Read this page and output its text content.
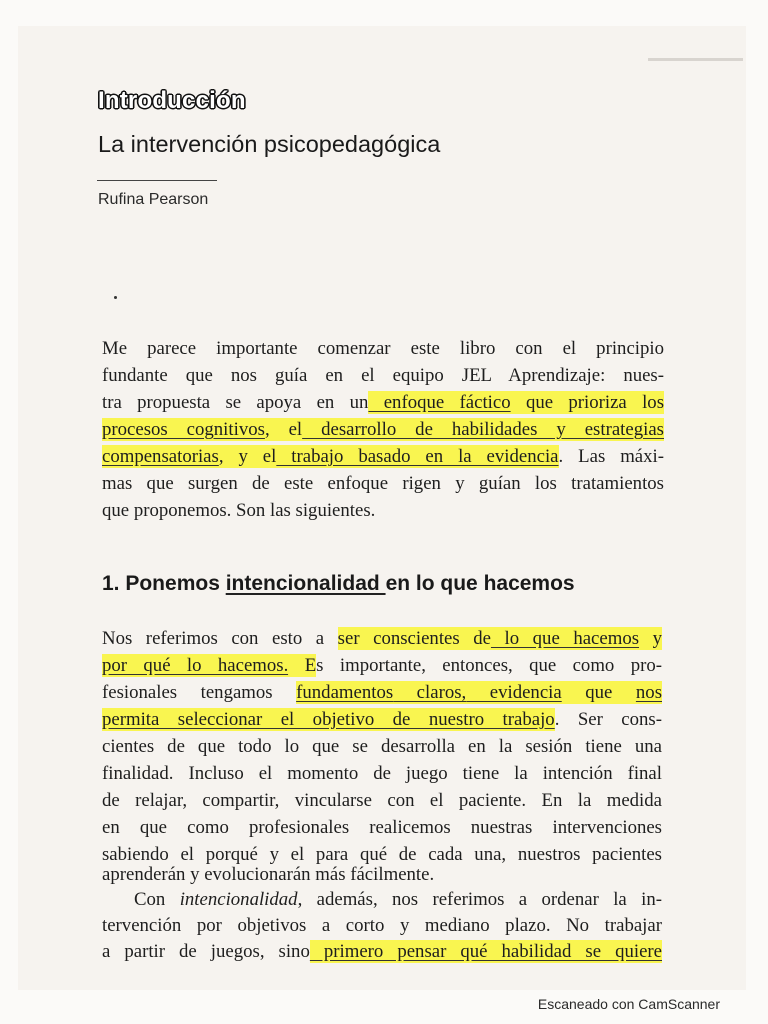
Introducción
La intervención psicopedagógica
Rufina Pearson
Me parece importante comenzar este libro con el principio
fundante que nos guía en el equipo JEL Aprendizaje: nues-
tra propuesta se apoya en un enfoque fáctico que prioriza los
procesos cognitivos, el desarrollo de habilidades y estrategias
compensatorias, y el trabajo basado en la evidencia. Las máxi-
mas que surgen de este enfoque rigen y guían los tratamientos
que proponemos. Son las siguientes.
1. Ponemos intencionalidad en lo que hacemos
Nos referimos con esto a ser conscientes de lo que hacemos y
por qué lo hacemos. Es importante, entonces, que como pro-
fesionales tengamos fundamentos claros, evidencia que nos
permita seleccionar el objetivo de nuestro trabajo. Ser cons-
cientes de que todo lo que se desarrolla en la sesión tiene una
finalidad. Incluso el momento de juego tiene la intención final
de relajar, compartir, vincularse con el paciente. En la medida
en que como profesionales realicemos nuestras intervenciones
sabiendo el porqué y el para qué de cada una, nuestros pacientes
aprenderán y evolucionarán más fácilmente.
Con intencionalidad, además, nos referimos a ordenar la in-
tervención por objetivos a corto y mediano plazo. No trabajar
a partir de juegos, sino primero pensar qué habilidad se quiere
Escaneado con CamScanner
